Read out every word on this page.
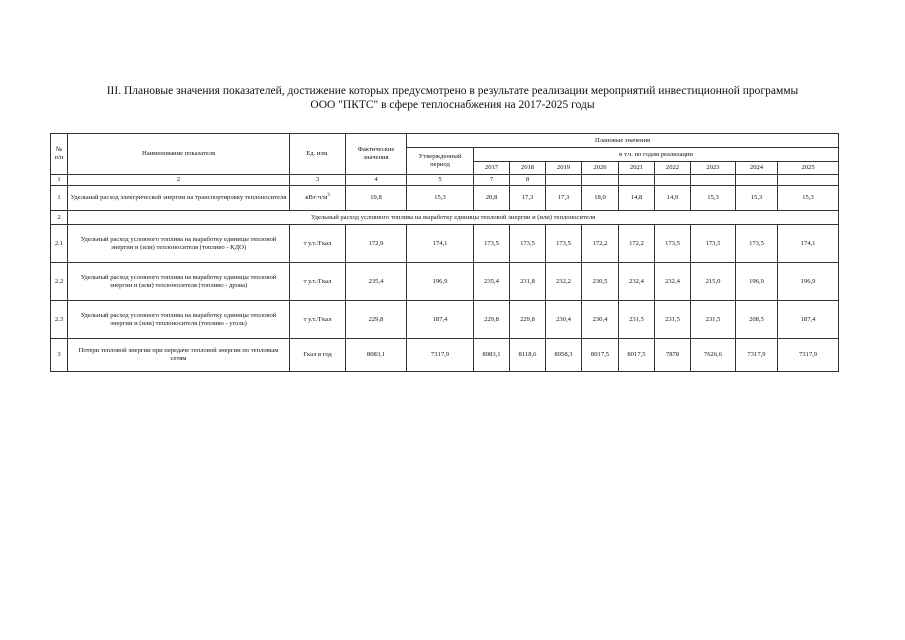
III. Плановые значения показателей, достижение которых предусмотрено в результате реализации мероприятий инвестиционной программы
ООО "ПКТС" в сфере теплоснабжения на 2017-2025 годы
№ п/п	Наименование показателя	Ед. изм.	Фактические значения	Плановые значения									
				Утвержденный период	в т.ч. по годам реализации								
					2017	2018	2019	2020	2021	2022	2023	2024	2025
1	2	3	4	5	7	8							
1	Удельный расход электрической энергии на транспортировку теплоносителя	$кВт\cdot ч/м^3$	19,8	15,3	20,8	17,3	17,3	18,0	14,8	14,9	15,3	15,3	15,3
2	Удельный расход условного топлива на выработку единицы тепловой энергии и (или) теплоносителя												
2.1	Удельный расход условного топлива на выработку единицы тепловой энергии и (или) теплоносителя (топливо - КДО)	т у.т./Гкал	172,9	174,1	173,5	173,5	173,5	172,2	172,2	173,5	173,5	173,5	174,1
2.2	Удельный расход условного топлива на выработку единицы тепловой энергии и (или) теплоносителя (топливо - дрова)	т у.т./Гкал	235,4	196,9	235,4	231,8	232,2	230,5	232,4	232,4	215,0	196,9	196,9
2.3	Удельный расход условного топлива на выработку единицы тепловой энергии и (или) теплоносителя (топливо - уголь)	т у.т./Гкал	229,8	187,4	229,8	229,8	230,4	230,4	231,5	231,5	231,5	208,5	187,4
3	Потери тепловой энергии при передаче тепловой энергии по тепловым сетям	Гкал в год	8083,1	7317,9	8083,1	8118,6	8058,3	8017,5	8017,5	7878	7626,6	7317,9	7317,9
